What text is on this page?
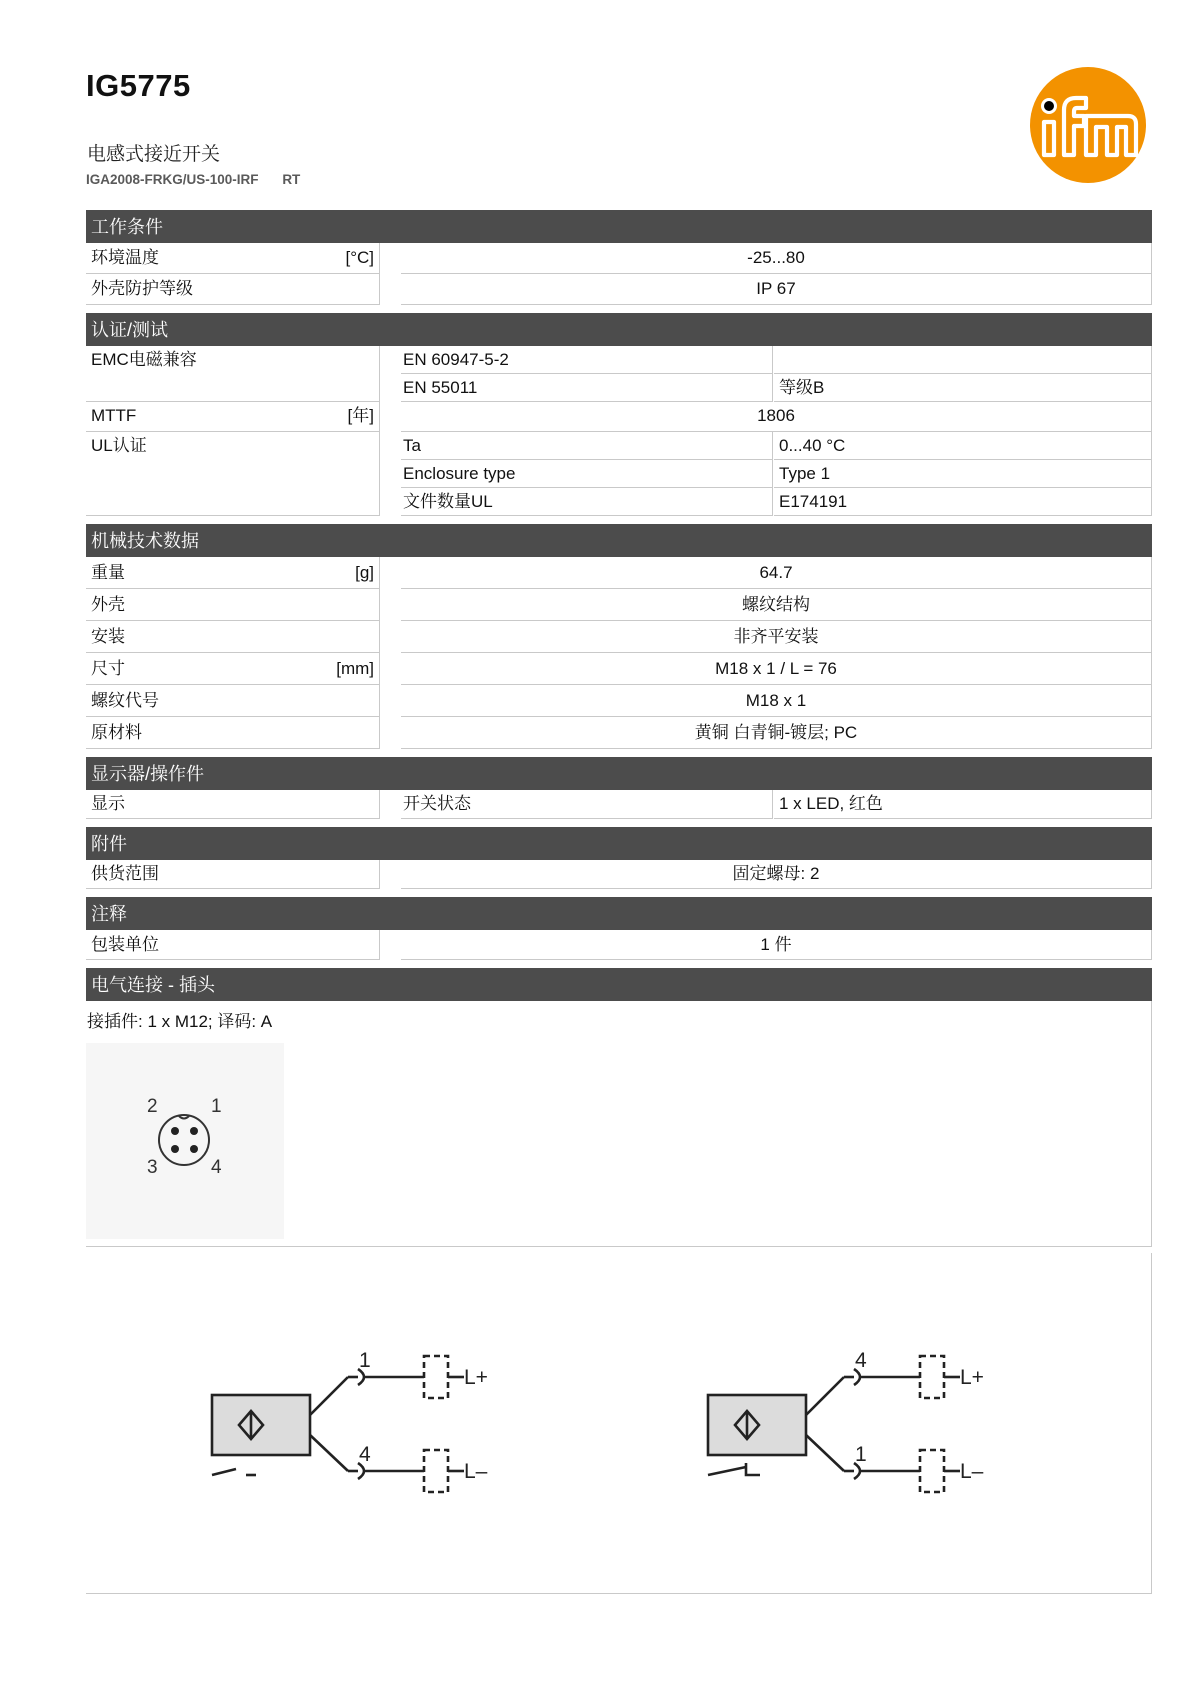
IG5775
电感式接近开关
IGA2008-FRKG/US-100-IRF RT
工作条件
环境温度	[°C]	-25...80
外壳防护等级	IP 67
认证/测试
EMC电磁兼容	EN 60947-5-2
EN 55011	等级B
MTTF	[年]	1806
UL认证	Ta	0...40 °C
Enclosure type	Type 1
文件数量UL	E174191
机械技术数据
重量	[g]	64.7
外壳	螺纹结构
安装	非齐平安装
尺寸	[mm]	M18 x 1 / L = 76
螺纹代号	M18 x 1
原材料	黄铜 白青铜-镀层; PC
显示器/操作件
显示	开关状态	1 x LED, 红色
附件
供货范围	固定螺母: 2
注释
包装单位	1 件
电气连接 - 插头
接插件: 1 x M12; 译码: A
2	1
3	4
1
4
L+
L–
4
1
L+
L–
